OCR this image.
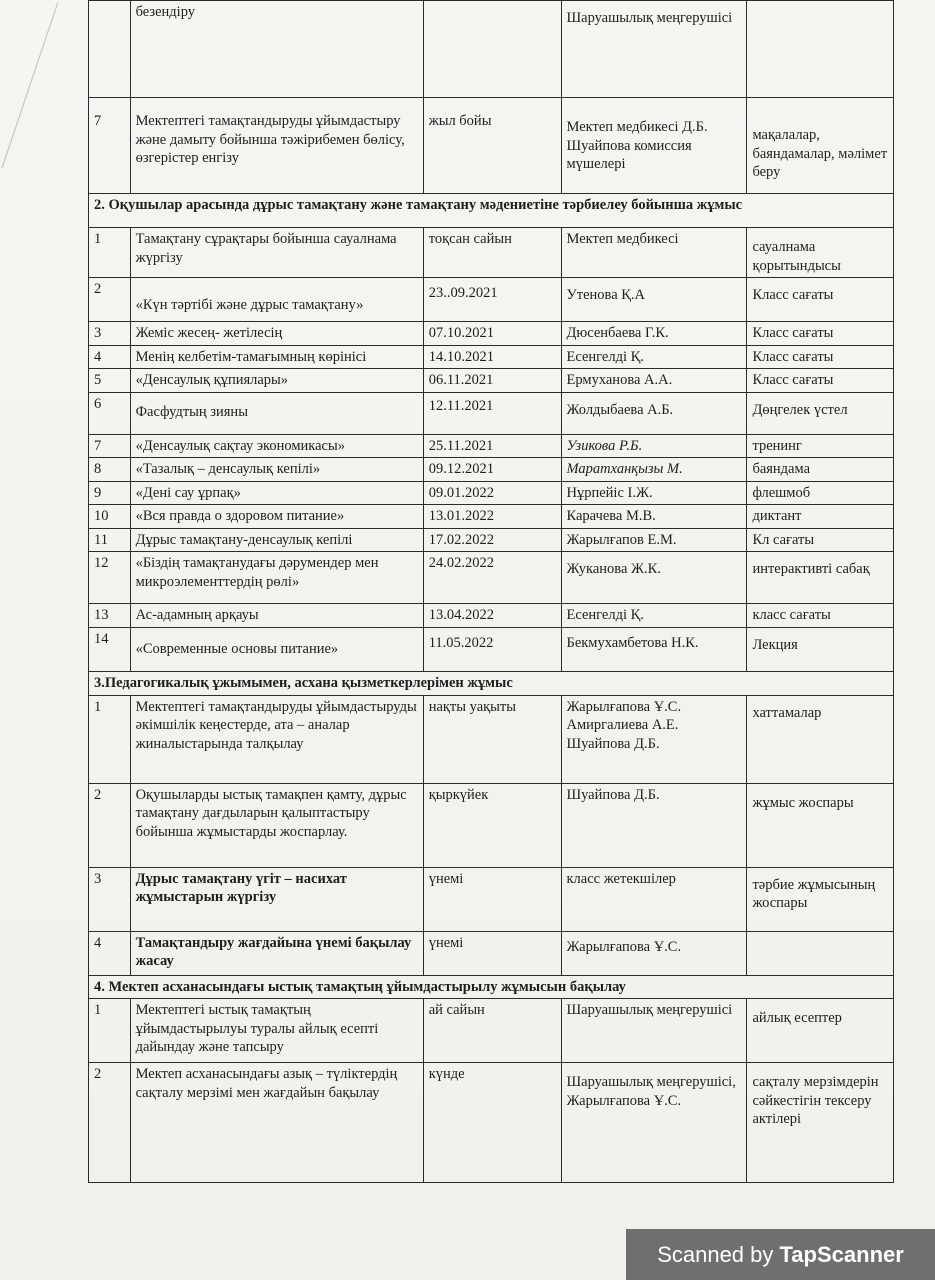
	безендіру		Шаруашылық меңгерушісі	
7	Мектептегі тамақтандыруды ұйымдастыру және дамыту бойынша тәжірибемен бөлісу, өзгерістер енгізу	жыл бойы	Мектеп медбикесі Д.Б. Шуайпова комиссия мүшелері	мақалалар, баяндамалар, мәлімет беру
2. Оқушылар арасында дұрыс тамақтану және тамақтану мәдениетіне тәрбиелеу бойынша жұмыс				
1	Тамақтану сұрақтары бойынша сауалнама жүргізу	тоқсан сайын	Мектеп медбикесі	сауалнама қорытындысы
2	«Күн тәртібі және дұрыс тамақтану»	23..09.2021	Утенова Қ.А	Класс сағаты
3	Жеміс жесең- жетілесің	07.10.2021	Дюсенбаева Г.К.	Класс сағаты
4	Менің келбетім-тамағымның көрінісі	14.10.2021	Есенгелді Қ.	Класс сағаты
5	«Денсаулық құпиялары»	06.11.2021	Ермуханова А.А.	Класс сағаты
6	Фасфудтың зияны	12.11.2021	Жолдыбаева А.Б.	Дөңгелек үстел
7	«Денсаулық сақтау экономикасы»	25.11.2021	Узикова Р.Б.	тренинг
8	«Тазалық – денсаулық кепілі»	09.12.2021	Маратханқызы М.	баяндама
9	«Дені сау ұрпақ»	09.01.2022	Нұрпейіс І.Ж.	флешмоб
10	«Вся правда о здоровом питание»	13.01.2022	Карачева М.В.	диктант
11	Дұрыс тамақтану-денсаулық кепілі	17.02.2022	Жарылғапов Е.М.	Кл сағаты
12	«Біздің тамақтанудағы дәрумендер мен микроэлементтердің рөлі»	24.02.2022	Жуканова Ж.К.	интерактивті сабақ
13	Ас-адамның арқауы	13.04.2022	Есенгелді Қ.	класс сағаты
14	«Современные основы питание»	11.05.2022	Бекмухамбетова Н.К.	Лекция
3.Педагогикалық ұжымымен, асхана қызметкерлерімен жұмыс				
1	Мектептегі тамақтандыруды ұйымдастыруды әкімшілік кеңестерде, ата – аналар жиналыстарында талқылау	нақты уақыты	Жарылғапова Ұ.С. Амиргалиева А.Е. Шуайпова Д.Б.	хаттамалар
2	Оқушыларды ыстық тамақпен қамту, дұрыс тамақтану дағдыларын қалыптастыру бойынша жұмыстарды жоспарлау.	қыркүйек	Шуайпова Д.Б.	жұмыс жоспары
3	Дұрыс тамақтану үгіт – насихат жұмыстарын жүргізу	үнемі	класс жетекшілер	тәрбие жұмысының жоспары
4	Тамақтандыру жағдайына үнемі бақылау жасау	үнемі	Жарылғапова Ұ.С.	
4. Мектеп асханасындағы ыстық тамақтың ұйымдастырылу жұмысын бақылау				
1	Мектептегі ыстық тамақтың ұйымдастырылуы туралы айлық есепті дайындау және тапсыру	ай сайын	Шаруашылық меңгерушісі	айлық есептер
2	Мектеп асханасындағы азық – түліктердің сақталу мерзімі мен жағдайын бақылау	күнде	Шаруашылық меңгерушісі, Жарылғапова Ұ.С.	сақталу мерзімдерін сәйкестігін тексеру актілері
Scanned by TapScanner
